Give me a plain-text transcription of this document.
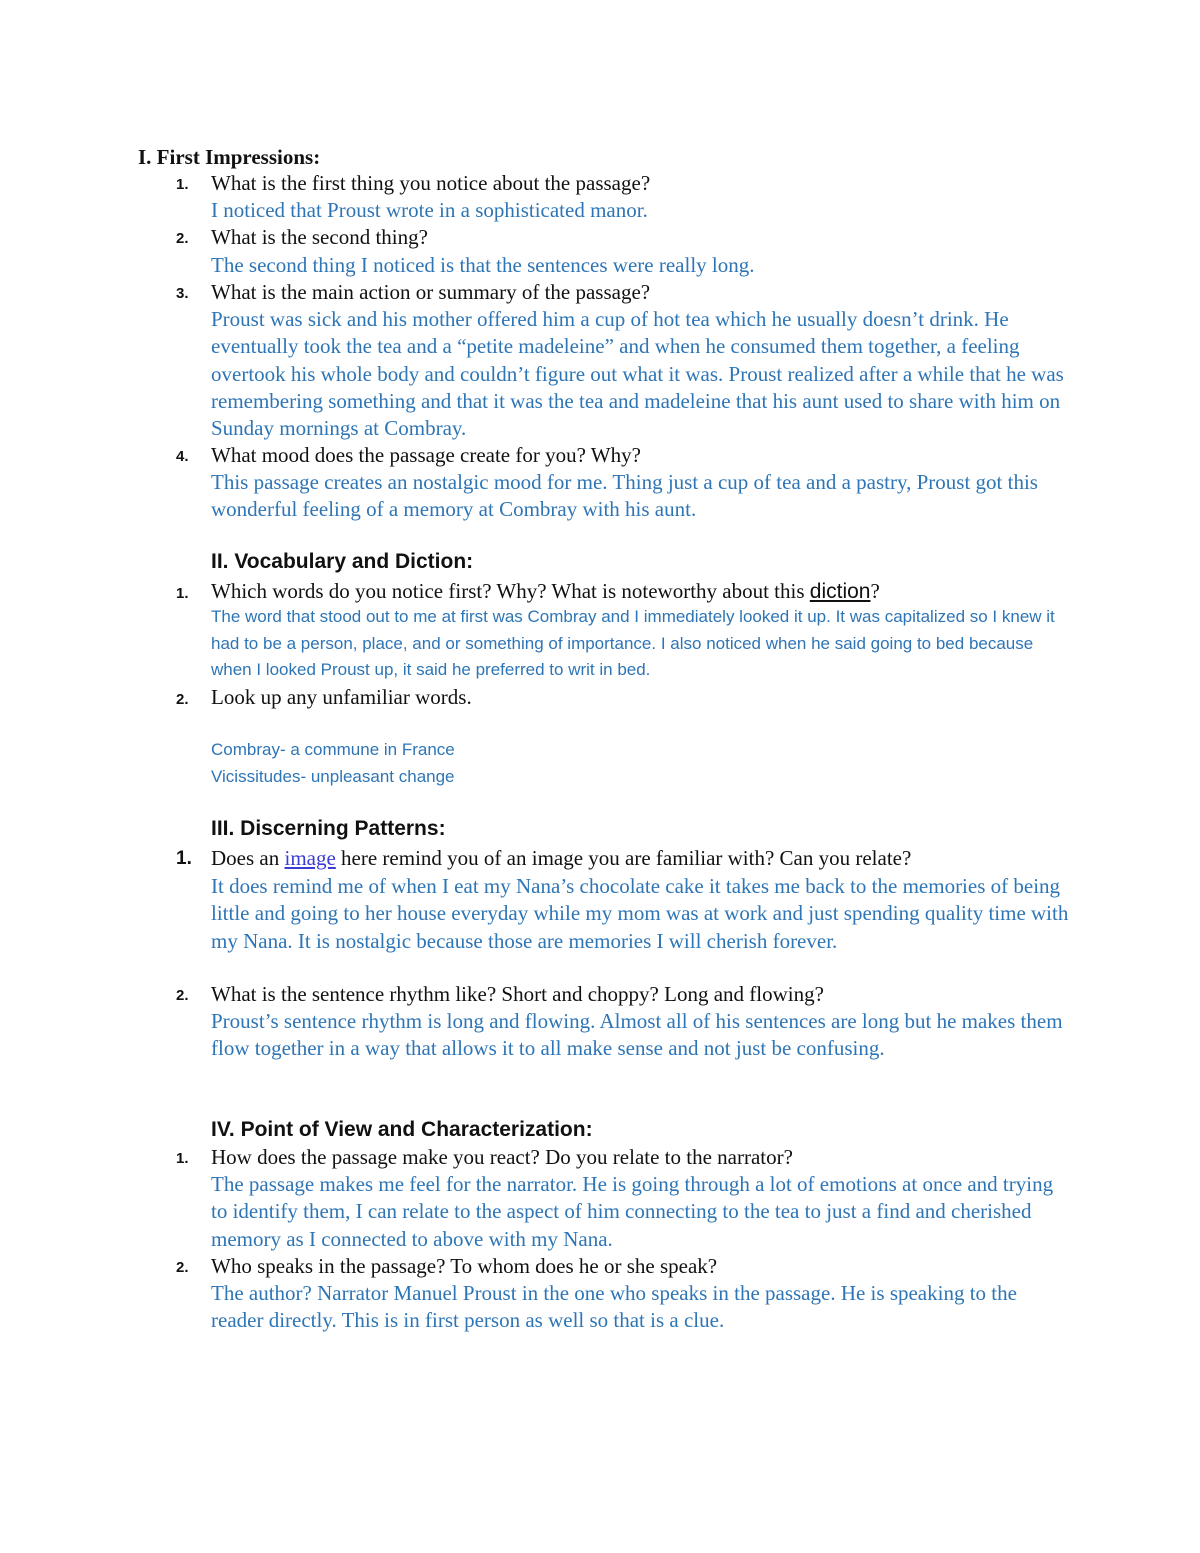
I. First Impressions:
1.	What is the first thing you notice about the passage?
I noticed that Proust wrote in a sophisticated manor.
2.	What is the second thing?
The second thing I noticed is that the sentences were really long.
3.	What is the main action or summary of the passage?
Proust was sick and his mother offered him a cup of hot tea which he usually doesn’t drink. He eventually took the tea and a “petite madeleine” and when he consumed them together, a feeling overtook his whole body and couldn’t figure out what it was. Proust realized after a while that he was remembering something and that it was the tea and madeleine that his aunt used to share with him on Sunday mornings at Combray.
4.	What mood does the passage create for you? Why?
This passage creates an nostalgic mood for me. Thing just a cup of tea and a pastry, Proust got this wonderful feeling of a memory at Combray with his aunt.
II. Vocabulary and Diction:
1.	Which words do you notice first? Why? What is noteworthy about this diction?
The word that stood out to me at first was Combray and I immediately looked it up. It was capitalized so I knew it had to be a person, place, and or something of importance. I also noticed when he said going to bed because when I looked Proust up, it said he preferred to writ in bed.
2.	Look up any unfamiliar words.
Combray- a commune in France
Vicissitudes- unpleasant change
III. Discerning Patterns:
1. Does an image here remind you of an image you are familiar with? Can you relate?
It does remind me of when I eat my Nana’s chocolate cake it takes me back to the memories of being little and going to her house everyday while my mom was at work and just spending quality time with my Nana. It is nostalgic because those are memories I will cherish forever.
2.	What is the sentence rhythm like? Short and choppy? Long and flowing?
Proust’s sentence rhythm is long and flowing. Almost all of his sentences are long but he makes them flow together in a way that allows it to all make sense and not just be confusing.
IV. Point of View and Characterization:
1.	How does the passage make you react? Do you relate to the narrator?
The passage makes me feel for the narrator. He is going through a lot of emotions at once and trying to identify them, I can relate to the aspect of him connecting to the tea to just a find and cherished memory as I connected to above with my Nana.
2.	Who speaks in the passage? To whom does he or she speak?
The author? Narrator Manuel Proust in the one who speaks in the passage. He is speaking to the reader directly. This is in first person as well so that is a clue.
